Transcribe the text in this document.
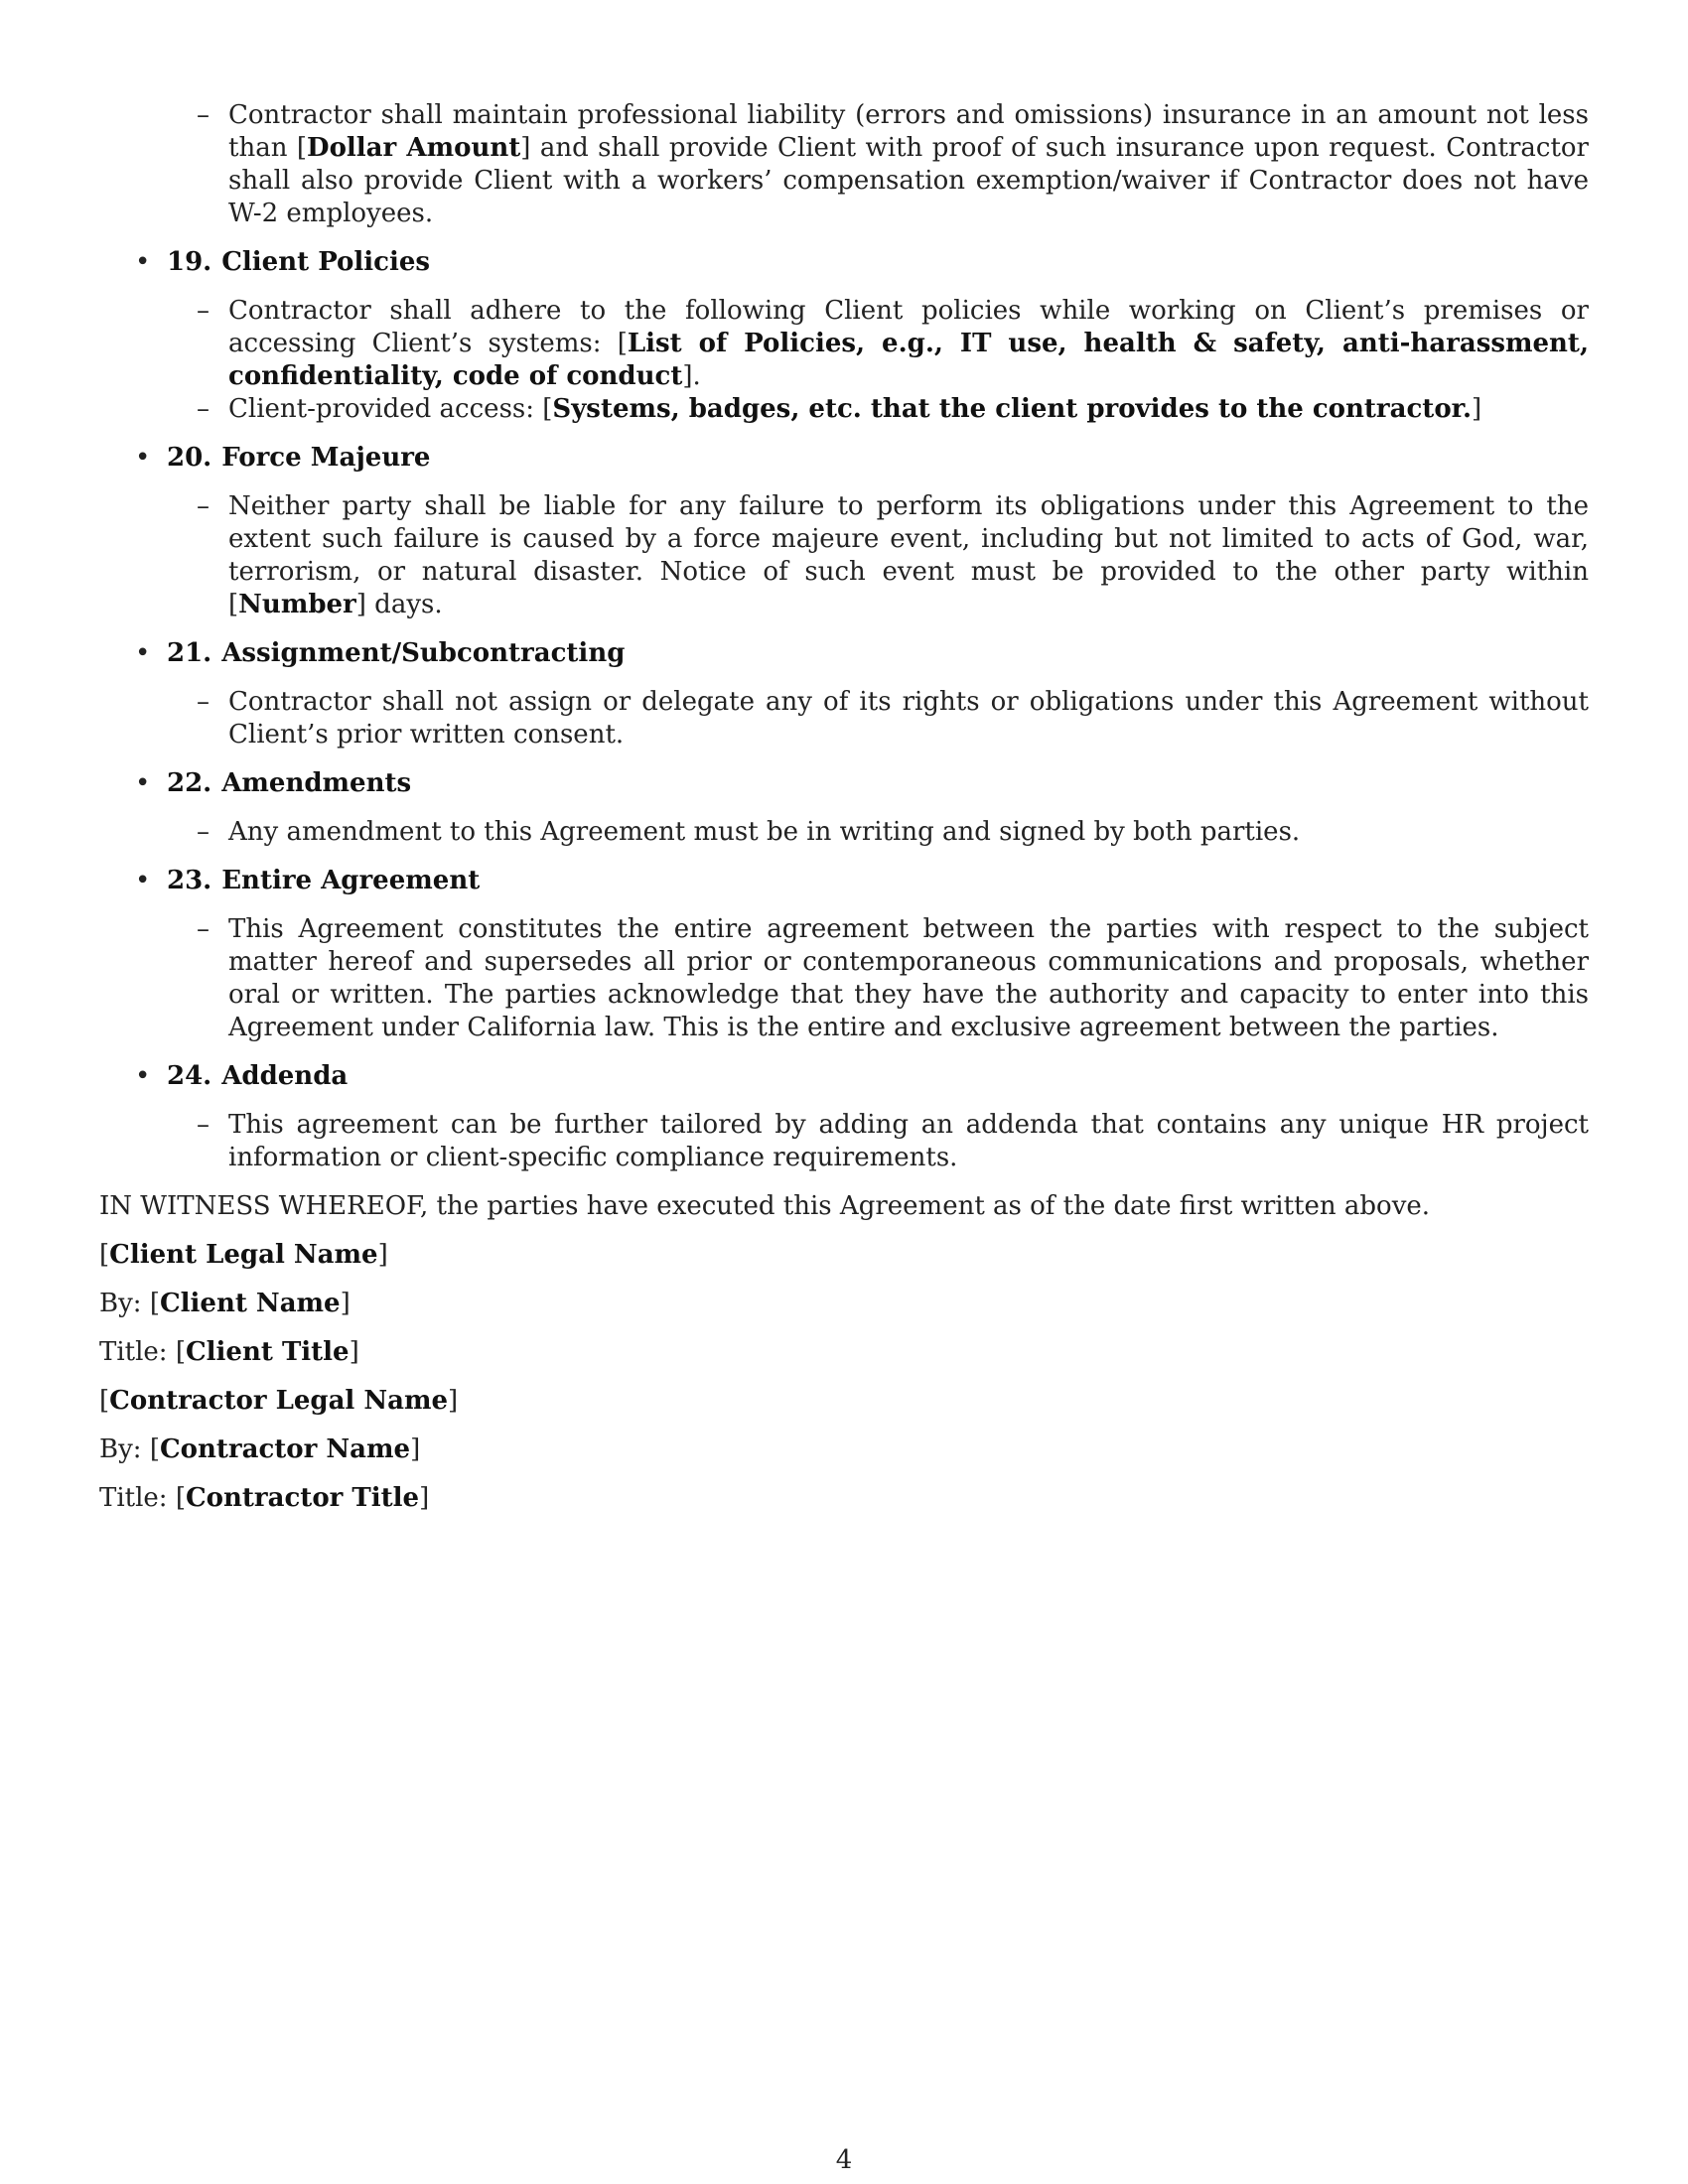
– Contractor shall maintain professional liability (errors and omissions) insurance in an amount not less than [Dollar Amount] and shall provide Client with proof of such insurance upon request. Contractor shall also provide Client with a workers’ compensation exemption/waiver if Contractor does not have W-2 employees.

• 19. Client Policies
– Contractor shall adhere to the following Client policies while working on Client’s premises or accessing Client’s systems: [List of Policies, e.g., IT use, health & safety, anti-harassment, confidentiality, code of conduct].

– Client-provided access: [Systems, badges, etc. that the client provides to the contractor.]

• 20. Force Majeure
– Neither party shall be liable for any failure to perform its obligations under this Agreement to the extent such failure is caused by a force majeure event, including but not limited to acts of God, war, terrorism, or natural disaster. Notice of such event must be provided to the other party within [Number] days.

• 21. Assignment/Subcontracting
– Contractor shall not assign or delegate any of its rights or obligations under this Agreement without Client’s prior written consent.

• 22. Amendments
– Any amendment to this Agreement must be in writing and signed by both parties.

• 23. Entire Agreement
– This Agreement constitutes the entire agreement between the parties with respect to the subject matter hereof and supersedes all prior or contemporaneous communications and proposals, whether oral or written. The parties acknowledge that they have the authority and capacity to enter into this Agreement under California law. This is the entire and exclusive agreement between the parties.

• 24. Addenda
– This agreement can be further tailored by adding an addenda that contains any unique HR project information or client-specific compliance requirements.

IN WITNESS WHEREOF, the parties have executed this Agreement as of the date first written above.

[Client Legal Name]

By: [Client Name]

Title: [Client Title]

[Contractor Legal Name]

By: [Contractor Name]

Title: [Contractor Title]

4
